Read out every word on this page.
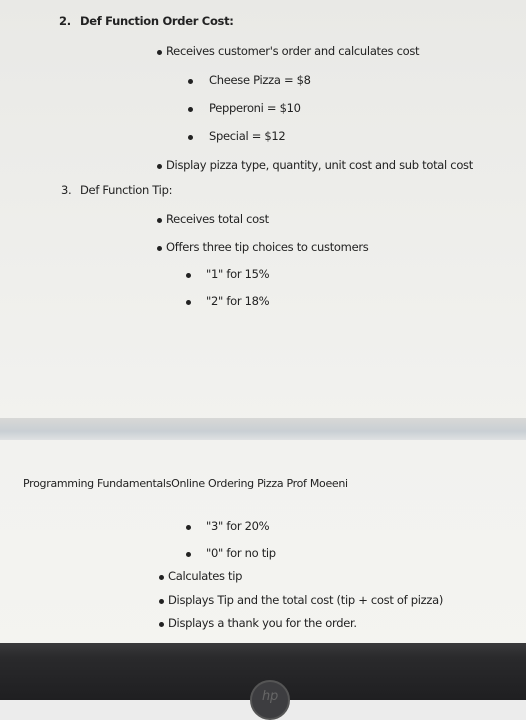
2. Def Function Order Cost:
Receives customer's order and calculates cost
Cheese Pizza = $8
Pepperoni = $10
Special = $12
Display pizza type, quantity, unit cost and sub total cost
3. Def Function Tip:
Receives total cost
Offers three tip choices to customers
"1" for 15%
"2" for 18%
Programming FundamentalsOnline Ordering Pizza Prof Moeeni
"3" for 20%
"0" for no tip
Calculates tip
Displays Tip and the total cost (tip + cost of pizza)
Displays a thank you for the order.
hp
